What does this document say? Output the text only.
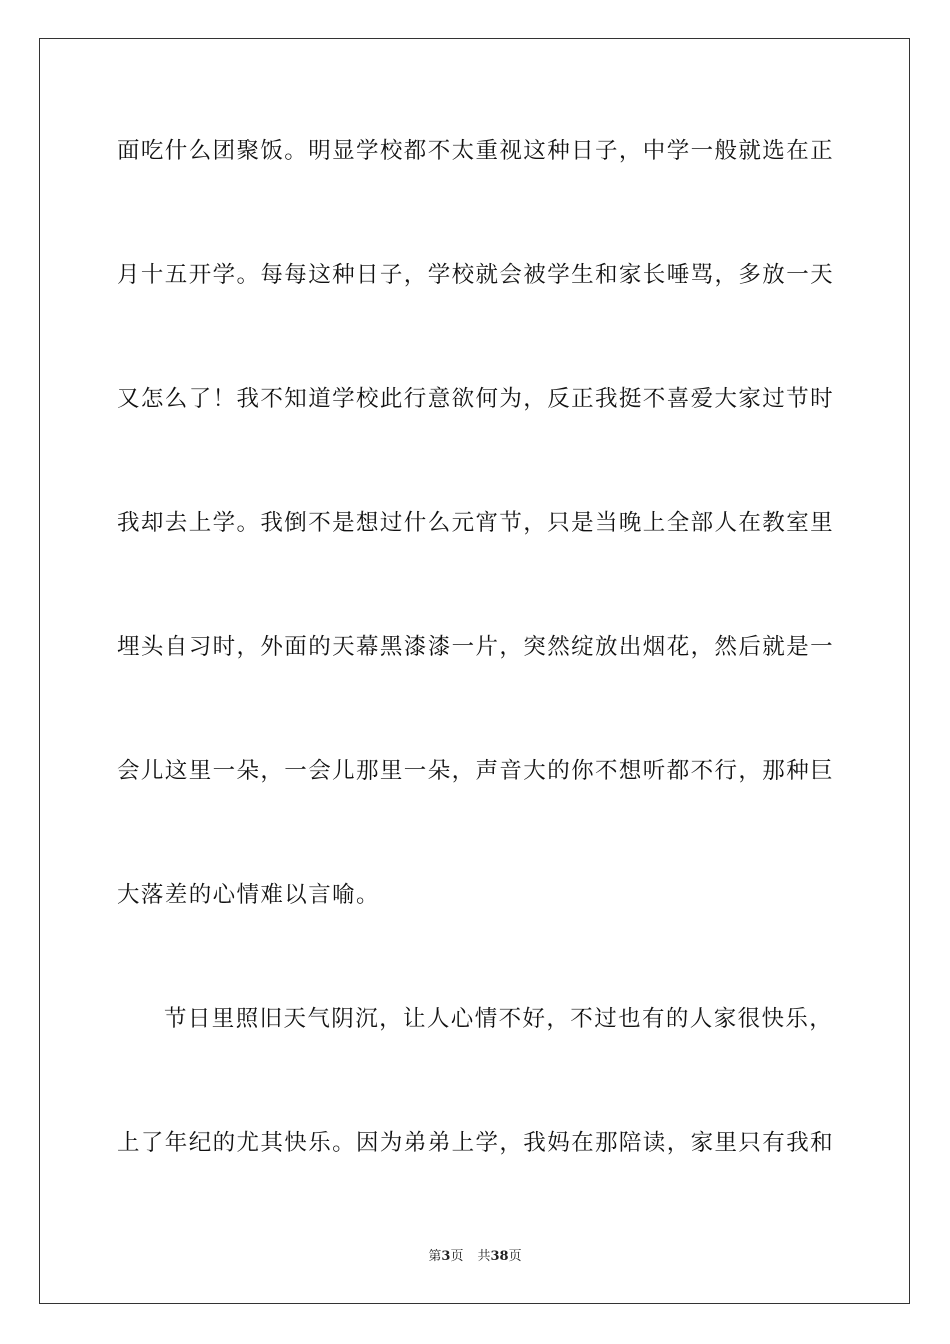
面吃什么团聚饭。明显学校都不太重视这种日子，中学一般就选在正
月十五开学。每每这种日子，学校就会被学生和家长唾骂，多放一天
又怎么了！我不知道学校此行意欲何为，反正我挺不喜爱大家过节时
我却去上学。我倒不是想过什么元宵节，只是当晚上全部人在教室里
埋头自习时，外面的天幕黑漆漆一片，突然绽放出烟花，然后就是一
会儿这里一朵，一会儿那里一朵，声音大的你不想听都不行，那种巨
大落差的心情难以言喻。
节日里照旧天气阴沉，让人心情不好，不过也有的人家很快乐，
上了年纪的尤其快乐。因为弟弟上学，我妈在那陪读，家里只有我和
第3页 共38页
